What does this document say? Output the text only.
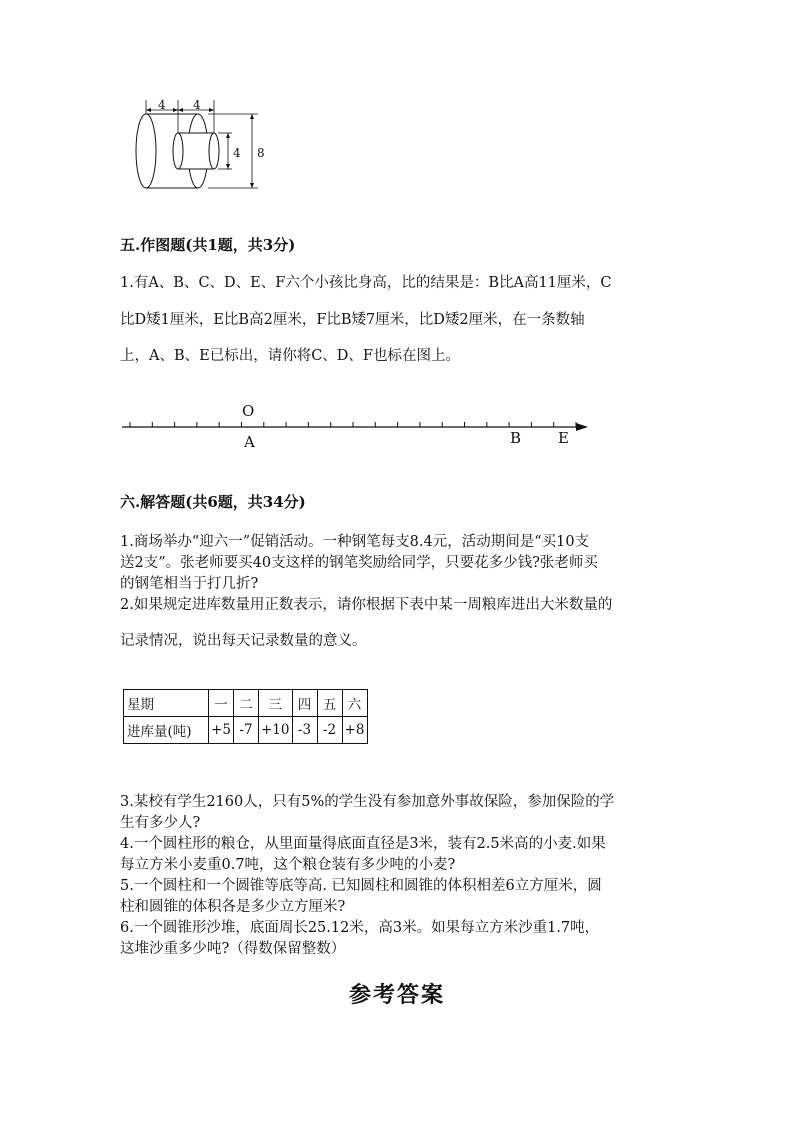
4 4
4 8
五.作图题(共1题，共3分)
1.有A、B、C、D、E、F六个小孩比身高，比的结果是：B比A高11厘米，C
比D矮1厘米，E比B高2厘米，F比B矮7厘米，比D矮2厘米，在一条数轴
上，A、B、E已标出，请你将C、D、F也标在图上。
O
A	B E
六.解答题(共6题，共34分)
1.商场举办“迎六一”促销活动。一种钢笔每支8.4元，活动期间是“买10支
送2支”。张老师要买40支这样的钢笔奖励给同学，只要花多少钱?张老师买
的钢笔相当于打几折?
2.如果规定进库数量用正数表示，请你根据下表中某一周粮库进出大米数量的
记录情况，说出每天记录数量的意义。
星期	一	二	三	四	五	六
进库量(吨)	+5	-7	+10	-3	-2	+8
3.某校有学生2160人，只有5%的学生没有参加意外事故保险，参加保险的学
生有多少人?
4.一个圆柱形的粮仓，从里面量得底面直径是3米，装有2.5米高的小麦.如果
每立方米小麦重0.7吨，这个粮仓装有多少吨的小麦?
5.一个圆柱和一个圆锥等底等高. 已知圆柱和圆锥的体积相差6立方厘米，圆
柱和圆锥的体积各是多少立方厘米?
6.一个圆锥形沙堆，底面周长25.12米，高3米。如果每立方米沙重1.7吨，
这堆沙重多少吨?（得数保留整数）
参考答案
